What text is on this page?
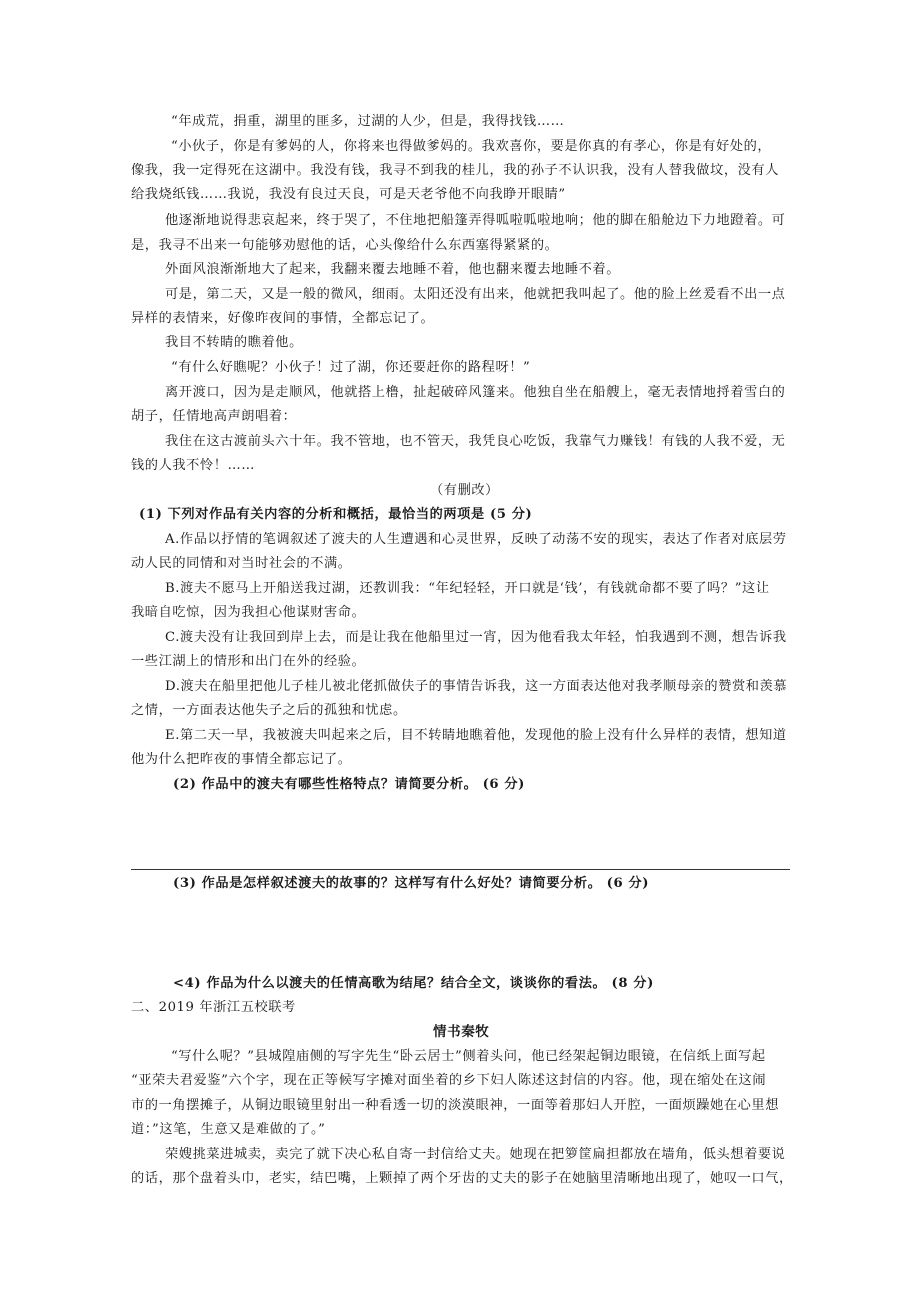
“年成荒，捐重，湖里的匪多，过湖的人少，但是，我得找钱……
“小伙子，你是有爹妈的人，你将来也得做爹妈的。我欢喜你，要是你真的有孝心，你是有好处的，
像我，我一定得死在这湖中。我没有钱，我寻不到我的桂儿，我的孙子不认识我，没有人替我做坟，没有人
给我烧纸钱……我说，我没有良过天良，可是天老爷他不向我睁开眼睛”
他逐渐地说得悲哀起来，终于哭了，不住地把船篷弄得呱啦呱啦地响；他的脚在船舱边下力地蹬着。可
是，我寻不出来一句能够劝慰他的话，心头像给什么东西塞得紧紧的。
外面风浪渐渐地大了起来，我翻来覆去地睡不着，他也翻来覆去地睡不着。
可是，第二天，又是一般的微风，细雨。太阳还没有出来，他就把我叫起了。他的脸上丝爰看不出一点
异样的表情来，好像昨夜间的事情，全都忘记了。
我目不转睛的瞧着他。
“有什么好瞧呢？小伙子！过了湖，你还要赶你的路程呀！”
离开渡口，因为是走顺风，他就搭上橹，扯起破碎风篷来。他独自坐在船艘上，毫无表情地捋着雪白的
胡子，任情地高声朗唱着：
我住在这古渡前头六十年。我不管地，也不管天，我凭良心吃饭，我靠气力赚钱！有钱的人我不爱，无
钱的人我不怜！……
（有删改）
(1) 下列对作品有关内容的分析和概括，最恰当的两项是 (5 分)
A.作品以抒情的笔调叙述了渡夫的人生遭遇和心灵世界，反映了动荡不安的现实，表达了作者对底层劳
动人民的同情和对当时社会的不满。
B.渡夫不愿马上开船送我过湖，还教训我：“年纪轻轻，开口就是‘钱’，有钱就命都不要了吗？”这让
我暗自吃惊，因为我担心他谋财害命。
C.渡夫没有让我回到岸上去，而是让我在他船里过一宵，因为他看我太年轻，怕我遇到不测，想告诉我
一些江湖上的情形和出门在外的经验。
D.渡夫在船里把他儿子桂儿被北佬抓做伕子的事情告诉我，这一方面表达他对我孝顺母亲的赞赏和羡慕
之情，一方面表达他失子之后的孤独和忧虑。
E.第二天一早，我被渡夫叫起来之后，目不转睛地瞧着他，发现他的脸上没有什么异样的表情，想知道
他为什么把昨夜的事情全都忘记了。
(2) 作品中的渡夫有哪些性格特点？请简要分析。 (6 分)
(3) 作品是怎样叙述渡夫的故事的？这样写有什么好处？请简要分析。 (6 分)
<4) 作品为什么以渡夫的任情高歌为结尾？结合全文，谈谈你的看法。 (8 分)
二、2019 年浙江五校联考
情书秦牧
“写什么呢？”县城隍庙侧的写字先生“卧云居士”侧着头问，他已经架起铜边眼镜，在信纸上面写起
“亚荣夫君爱鉴”六个字，现在正等候写字摊对面坐着的乡下妇人陈述这封信的内容。他，现在缩处在这闹
市的一角摆摊子，从铜边眼镜里射出一种看透一切的淡漠眼神，一面等着那妇人开腔，一面烦躁她在心里想
道：”这笔，生意又是难做的了。”
荣嫂挑菜进城卖，卖完了就下决心私自寄一封信给丈夫。她现在把箩筐扁担都放在墙角，低头想着要说
的话，那个盘着头巾，老实，结巴嘴，上颗掉了两个牙齿的丈夫的影子在她脑里清晰地出现了，她叹一口气，
